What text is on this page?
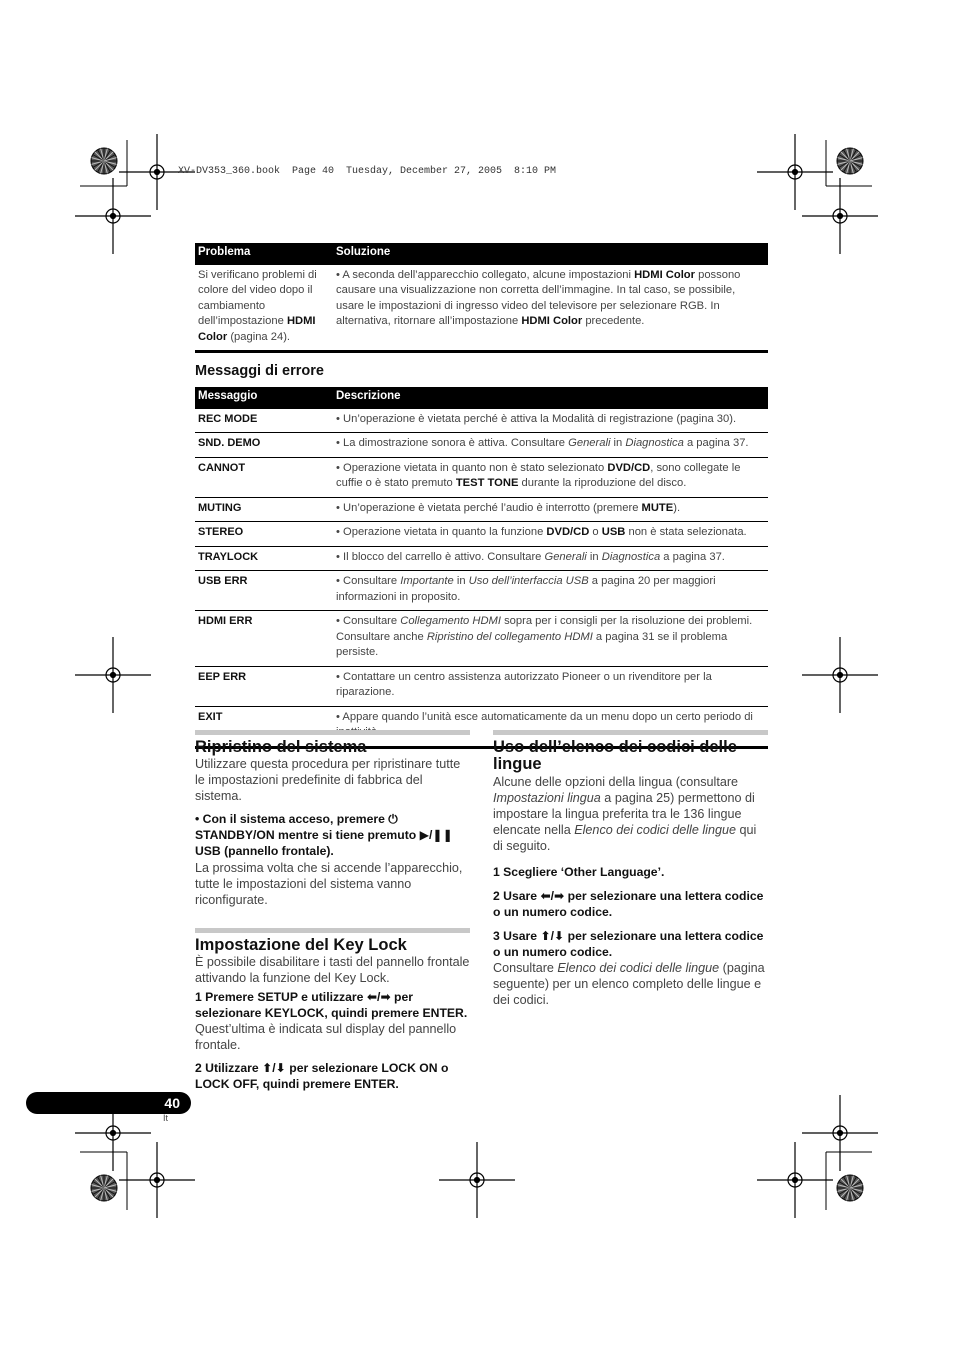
XV-DV353_360.book  Page 40  Tuesday, December 27, 2005  8:10 PM
Problema	Soluzione
Si verificano problemi di colore del video dopo il cambiamento dell’impostazione HDMI Color (pagina 24).	• A seconda dell’apparecchio collegato, alcune impostazioni HDMI Color possono causare una visualizzazione non corretta dell’immagine. In tal caso, se possibile, usare le impostazioni di ingresso video del televisore per selezionare RGB. In alternativa, ritornare all’impostazione HDMI Color precedente.
Messaggi di errore
Messaggio	Descrizione
REC MODE	• Un’operazione è vietata perché è attiva la Modalità di registrazione (pagina 30).
SND. DEMO	• La dimostrazione sonora è attiva. Consultare Generali in Diagnostica a pagina 37.
CANNOT	• Operazione vietata in quanto non è stato selezionato DVD/CD, sono collegate le cuffie o è stato premuto TEST TONE durante la riproduzione del disco.
MUTING	• Un’operazione è vietata perché l’audio è interrotto (premere MUTE).
STEREO	• Operazione vietata in quanto la funzione DVD/CD o USB non è stata selezionata.
TRAYLOCK	• Il blocco del carrello è attivo. Consultare Generali in Diagnostica a pagina 37.
USB ERR	• Consultare Importante in Uso dell’interfaccia USB a pagina 20 per maggiori informazioni in proposito.
HDMI ERR	• Consultare Collegamento HDMI sopra per i consigli per la risoluzione dei problemi. Consultare anche Ripristino del collegamento HDMI a pagina 31 se il problema persiste.
EEP ERR	• Contattare un centro assistenza autorizzato Pioneer o un rivenditore per la riparazione.
EXIT	• Appare quando l’unità esce automaticamente da un menu dopo un certo periodo di
Ripristino del sistema

Utilizzare questa procedura per ripristinare tutte le impostazioni predefinite di fabbrica del sistema.

• Con il sistema acceso, premere ⏻ STANDBY/ON mentre si tiene premuto ▶/❚❚ USB (pannello frontale).

La prossima volta che si accende l’apparecchio, tutte le impostazioni del sistema vanno riconfigurate.

Impostazione del Key Lock

È possibile disabilitare i tasti del pannello frontale attivando la funzione del Key Lock.

1 Premere SETUP e utilizzare ⬅/➡ per selezionare KEYLOCK, quindi premere ENTER.

Quest’ultima è indicata sul display del pannello frontale.

2 Utilizzare ⬆/⬇ per selezionare LOCK ON o LOCK OFF, quindi premere ENTER.

Uso dell’elenco dei codici delle lingue

Alcune delle opzioni della lingua (consultare Impostazioni lingua a pagina 25) permettono di impostare la lingua preferita tra le 136 lingue elencate nella Elenco dei codici delle lingue qui di seguito.

1 Scegliere ‘Other Language’.

2 Usare ⬅/➡ per selezionare una lettera codice o un numero codice.

3 Usare ⬆/⬇ per selezionare una lettera codice o un numero codice.

Consultare Elenco dei codici delle lingue (pagina seguente) per un elenco completo delle lingue e dei codici.

40
It
